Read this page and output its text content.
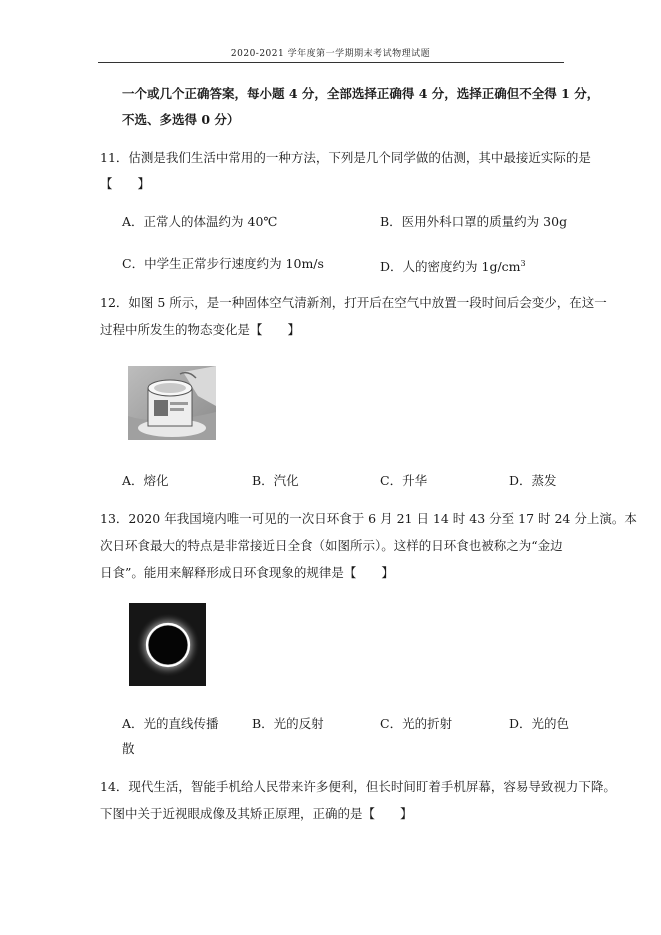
2020-2021 学年度第一学期期末考试物理试题
一个或几个正确答案，每小题 4 分，全部选择正确得 4 分，选择正确但不全得 1 分，
不选、多选得 0 分）
11．估测是我们生活中常用的一种方法，下列是几个同学做的估测，其中最接近实际的是
【　　】
A．正常人的体温约为 40℃	B．医用外科口罩的质量约为 30g
C．中学生正常步行速度约为 10m/s	D．人的密度约为 $1g/cm^3$
12．如图 5 所示，是一种固体空气清新剂，打开后在空气中放置一段时间后会变少，在这一
过程中所发生的物态变化是【　　】
A．熔化	B．汽化	C．升华	D．蒸发
13．2020 年我国境内唯一可见的一次日环食于 6 月 21 日 14 时 43 分至 17 时 24 分上演。本
次日环食最大的特点是非常接近日全食（如图所示）。这样的日环食也被称之为“金边
日食”。能用来解释形成日环食现象的规律是【　　】
A．光的直线传播	B．光的反射	C．光的折射	D．光的色
散
14．现代生活，智能手机给人民带来许多便利，但长时间盯着手机屏幕，容易导致视力下降。
下图中关于近视眼成像及其矫正原理，正确的是【　　】
